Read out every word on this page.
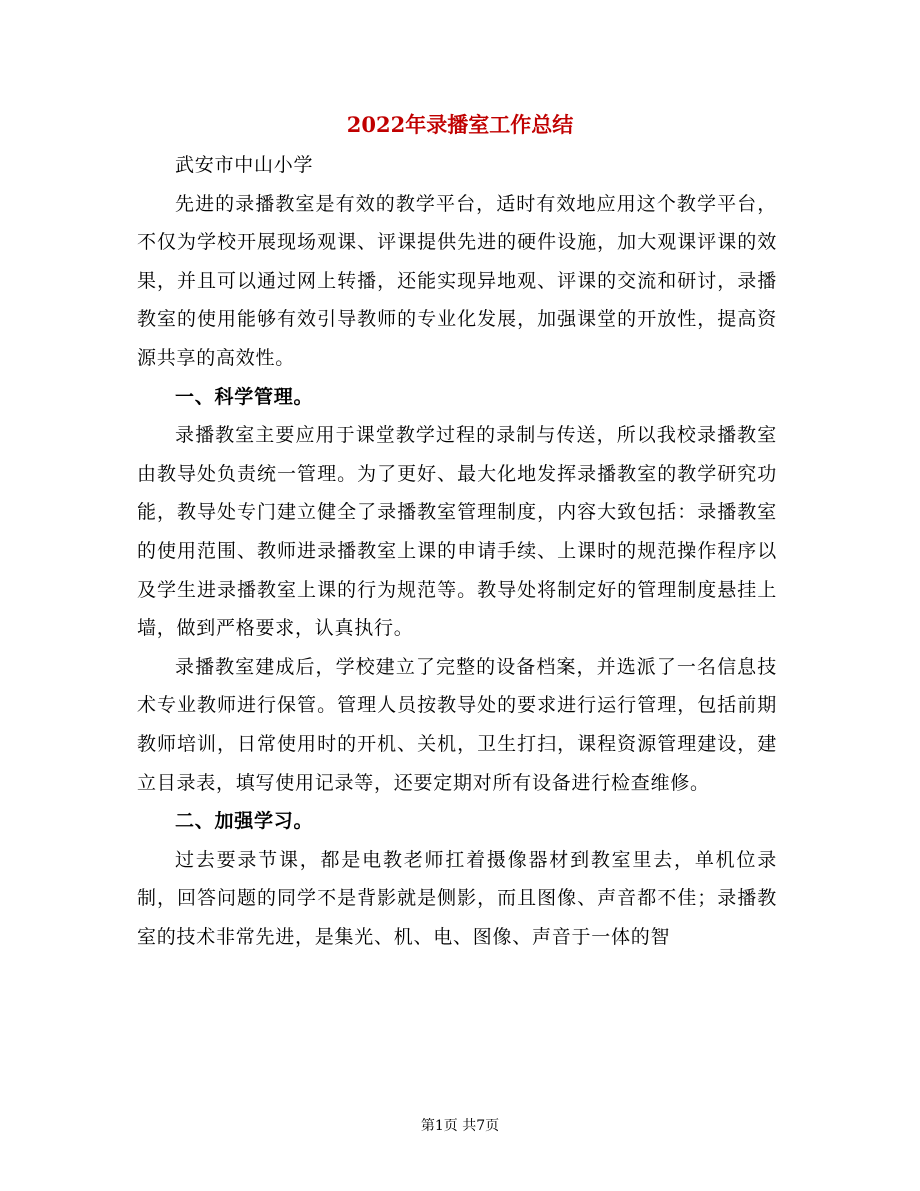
2022年录播室工作总结

武安市中山小学

先进的录播教室是有效的教学平台，适时有效地应用这个教学平台，不仅为学校开展现场观课、评课提供先进的硬件设施，加大观课评课的效果，并且可以通过网上转播，还能实现异地观、评课的交流和研讨，录播教室的使用能够有效引导教师的专业化发展，加强课堂的开放性，提高资源共享的高效性。

一、科学管理。

录播教室主要应用于课堂教学过程的录制与传送，所以我校录播教室由教导处负责统一管理。为了更好、最大化地发挥录播教室的教学研究功能，教导处专门建立健全了录播教室管理制度，内容大致包括：录播教室的使用范围、教师进录播教室上课的申请手续、上课时的规范操作程序以及学生进录播教室上课的行为规范等。教导处将制定好的管理制度悬挂上墙，做到严格要求，认真执行。

录播教室建成后，学校建立了完整的设备档案，并选派了一名信息技术专业教师进行保管。管理人员按教导处的要求进行运行管理，包括前期教师培训，日常使用时的开机、关机，卫生打扫，课程资源管理建设，建立目录表，填写使用记录等，还要定期对所有设备进行检查维修。

二、加强学习。

过去要录节课，都是电教老师扛着摄像器材到教室里去，单机位录制，回答问题的同学不是背影就是侧影，而且图像、声音都不佳；录播教室的技术非常先进，是集光、机、电、图像、声音于一体的智

第1页 共7页
